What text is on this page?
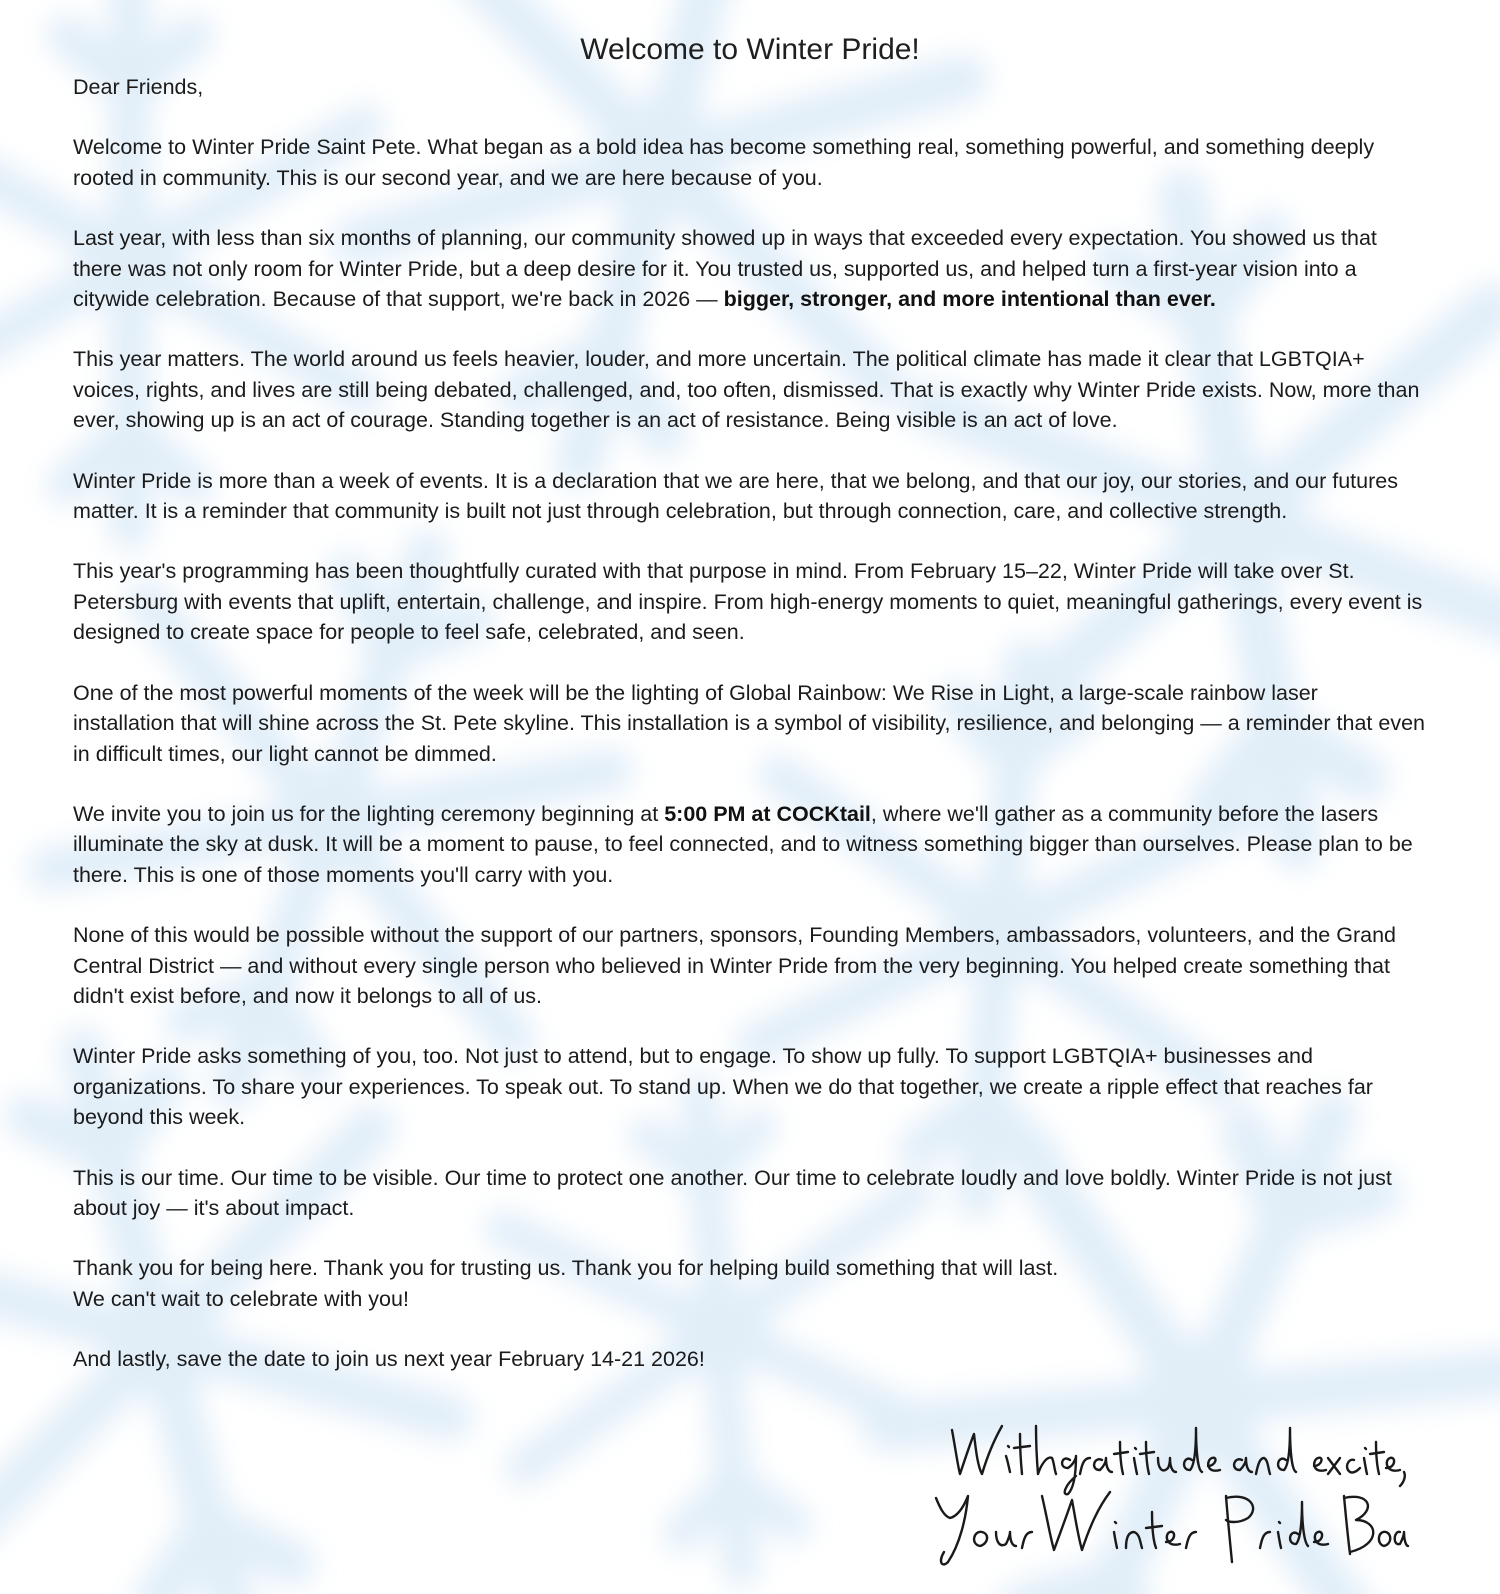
Welcome to Winter Pride!

Dear Friends,

Welcome to Winter Pride Saint Pete. What began as a bold idea has become something real, something powerful, and something deeply rooted in community. This is our second year, and we are here because of you.

Last year, with less than six months of planning, our community showed up in ways that exceeded every expectation. You showed us that there was not only room for Winter Pride, but a deep desire for it. You trusted us, supported us, and helped turn a first-year vision into a citywide celebration. Because of that support, we're back in 2026 — bigger, stronger, and more intentional than ever.

This year matters. The world around us feels heavier, louder, and more uncertain. The political climate has made it clear that LGBTQIA+ voices, rights, and lives are still being debated, challenged, and, too often, dismissed. That is exactly why Winter Pride exists. Now, more than ever, showing up is an act of courage. Standing together is an act of resistance. Being visible is an act of love.

Winter Pride is more than a week of events. It is a declaration that we are here, that we belong, and that our joy, our stories, and our futures matter. It is a reminder that community is built not just through celebration, but through connection, care, and collective strength.

This year's programming has been thoughtfully curated with that purpose in mind. From February 15–22, Winter Pride will take over St. Petersburg with events that uplift, entertain, challenge, and inspire. From high-energy moments to quiet, meaningful gatherings, every event is designed to create space for people to feel safe, celebrated, and seen.

One of the most powerful moments of the week will be the lighting of Global Rainbow: We Rise in Light, a large-scale rainbow laser installation that will shine across the St. Pete skyline. This installation is a symbol of visibility, resilience, and belonging — a reminder that even in difficult times, our light cannot be dimmed.

We invite you to join us for the lighting ceremony beginning at 5:00 PM at COCKtail, where we'll gather as a community before the lasers illuminate the sky at dusk. It will be a moment to pause, to feel connected, and to witness something bigger than ourselves. Please plan to be there. This is one of those moments you'll carry with you.

None of this would be possible without the support of our partners, sponsors, Founding Members, ambassadors, volunteers, and the Grand Central District — and without every single person who believed in Winter Pride from the very beginning. You helped create something that didn't exist before, and now it belongs to all of us.

Winter Pride asks something of you, too. Not just to attend, but to engage. To show up fully. To support LGBTQIA+ businesses and organizations. To share your experiences. To speak out. To stand up. When we do that together, we create a ripple effect that reaches far beyond this week.

This is our time. Our time to be visible. Our time to protect one another. Our time to celebrate loudly and love boldly. Winter Pride is not just about joy — it's about impact.

Thank you for being here. Thank you for trusting us. Thank you for helping build something that will last.
We can't wait to celebrate with you!

And lastly, save the date to join us next year February 14-21 2026!
